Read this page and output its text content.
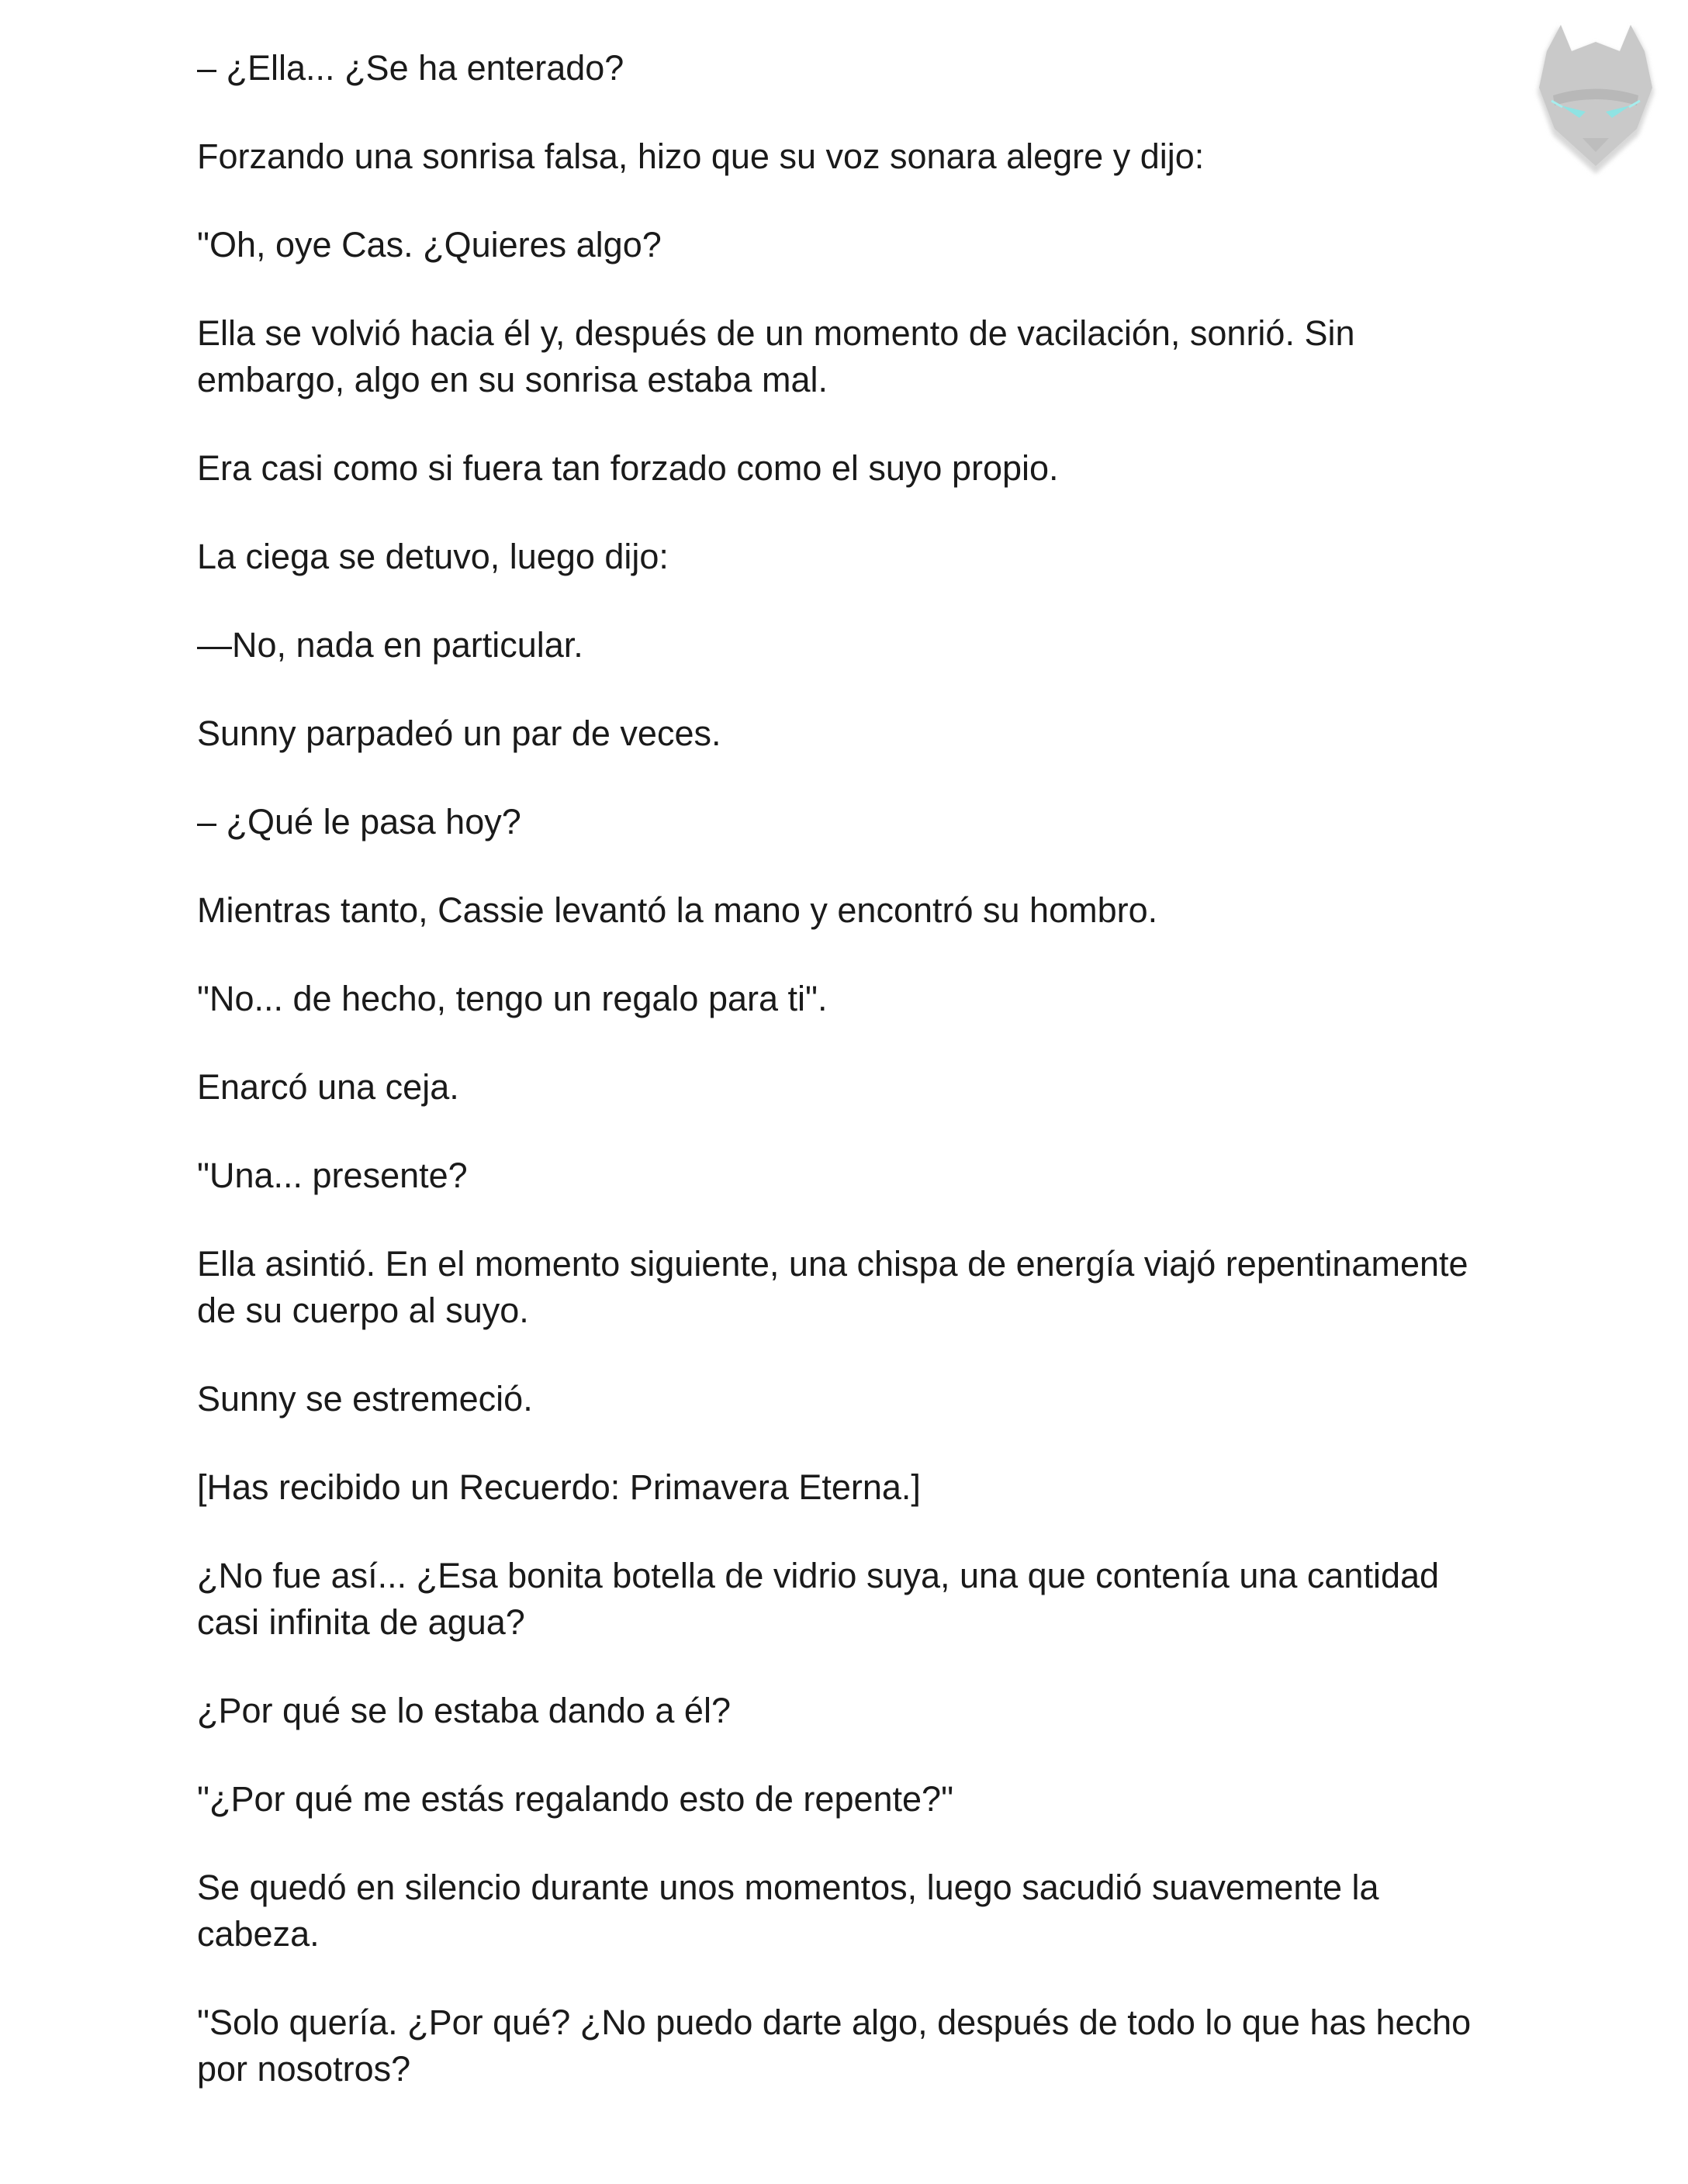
– ¿Ella... ¿Se ha enterado?

Forzando una sonrisa falsa, hizo que su voz sonara alegre y dijo:

"Oh, oye Cas. ¿Quieres algo?

Ella se volvió hacia él y, después de un momento de vacilación, sonrió. Sin embargo, algo en su sonrisa estaba mal.

Era casi como si fuera tan forzado como el suyo propio.

La ciega se detuvo, luego dijo:

—No, nada en particular.

Sunny parpadeó un par de veces.

– ¿Qué le pasa hoy?

Mientras tanto, Cassie levantó la mano y encontró su hombro.

"No... de hecho, tengo un regalo para ti".

Enarcó una ceja.

"Una... presente?

Ella asintió. En el momento siguiente, una chispa de energía viajó repentinamente de su cuerpo al suyo.

Sunny se estremeció.

[Has recibido un Recuerdo: Primavera Eterna.]

¿No fue así... ¿Esa bonita botella de vidrio suya, una que contenía una cantidad casi infinita de agua?

¿Por qué se lo estaba dando a él?

"¿Por qué me estás regalando esto de repente?"

Se quedó en silencio durante unos momentos, luego sacudió suavemente la cabeza.

"Solo quería. ¿Por qué? ¿No puedo darte algo, después de todo lo que has hecho por nosotros?
